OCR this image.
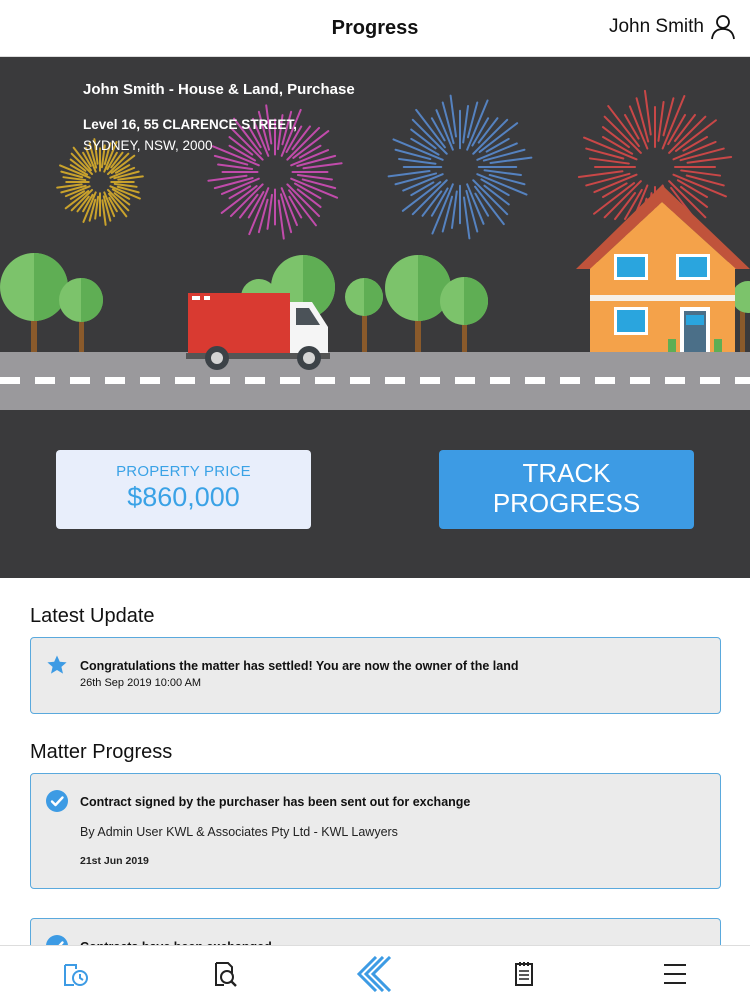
Progress	John Smith
John Smith - House & Land, Purchase
Level 16, 55 CLARENCE STREET,
SYDNEY, NSW, 2000
PROPERTY PRICE
$860,000
TRACK
PROGRESS
Latest Update
Congratulations the matter has settled! You are now the owner of the land
26th Sep 2019 10:00 AM
Matter Progress
Contract signed by the purchaser has been sent out for exchange
By Admin User KWL & Associates Pty Ltd - KWL Lawyers
21st Jun 2019
